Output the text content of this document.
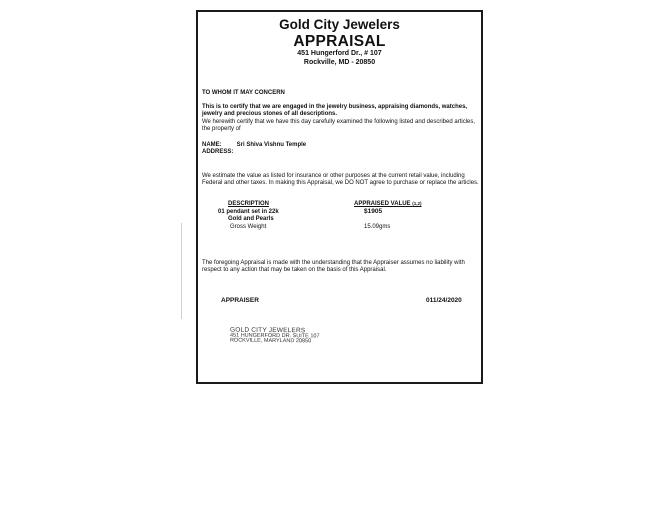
Gold City Jewelers
APPRAISAL
451 Hungerford Dr., # 107
Rockville, MD - 20850
TO WHOM IT MAY CONCERN
This is to certify that we are engaged in the jewelry business, appraising diamonds, watches, jewelry and precious stones of all descriptions.
We herewith certify that we have this day carefully examined the following listed and described articles, the property of
NAME:	Sri Shiva Vishnu Temple
ADDRESS:
We estimate the value as listed for insurance or other purposes at the current retail value, including Federal and other taxes. In making this Appraisal, we DO NOT agree to purchase or replace the articles.
DESCRIPTION	APPRAISED VALUE (1,2)
01 pendant set in 22k	$1905
Gold and Pearls
Gross Weight	15.09gms
The foregoing Appraisal is made with the understanding that the Appraiser assumes no liability with respect to any action that may be taken on the basis of this Appraisal.
APPRAISER	011/24/2020
GOLD CITY JEWELERS
451 HUNGERFORD DR. SUITE 107
ROCKVILLE, MARYLAND 20850
